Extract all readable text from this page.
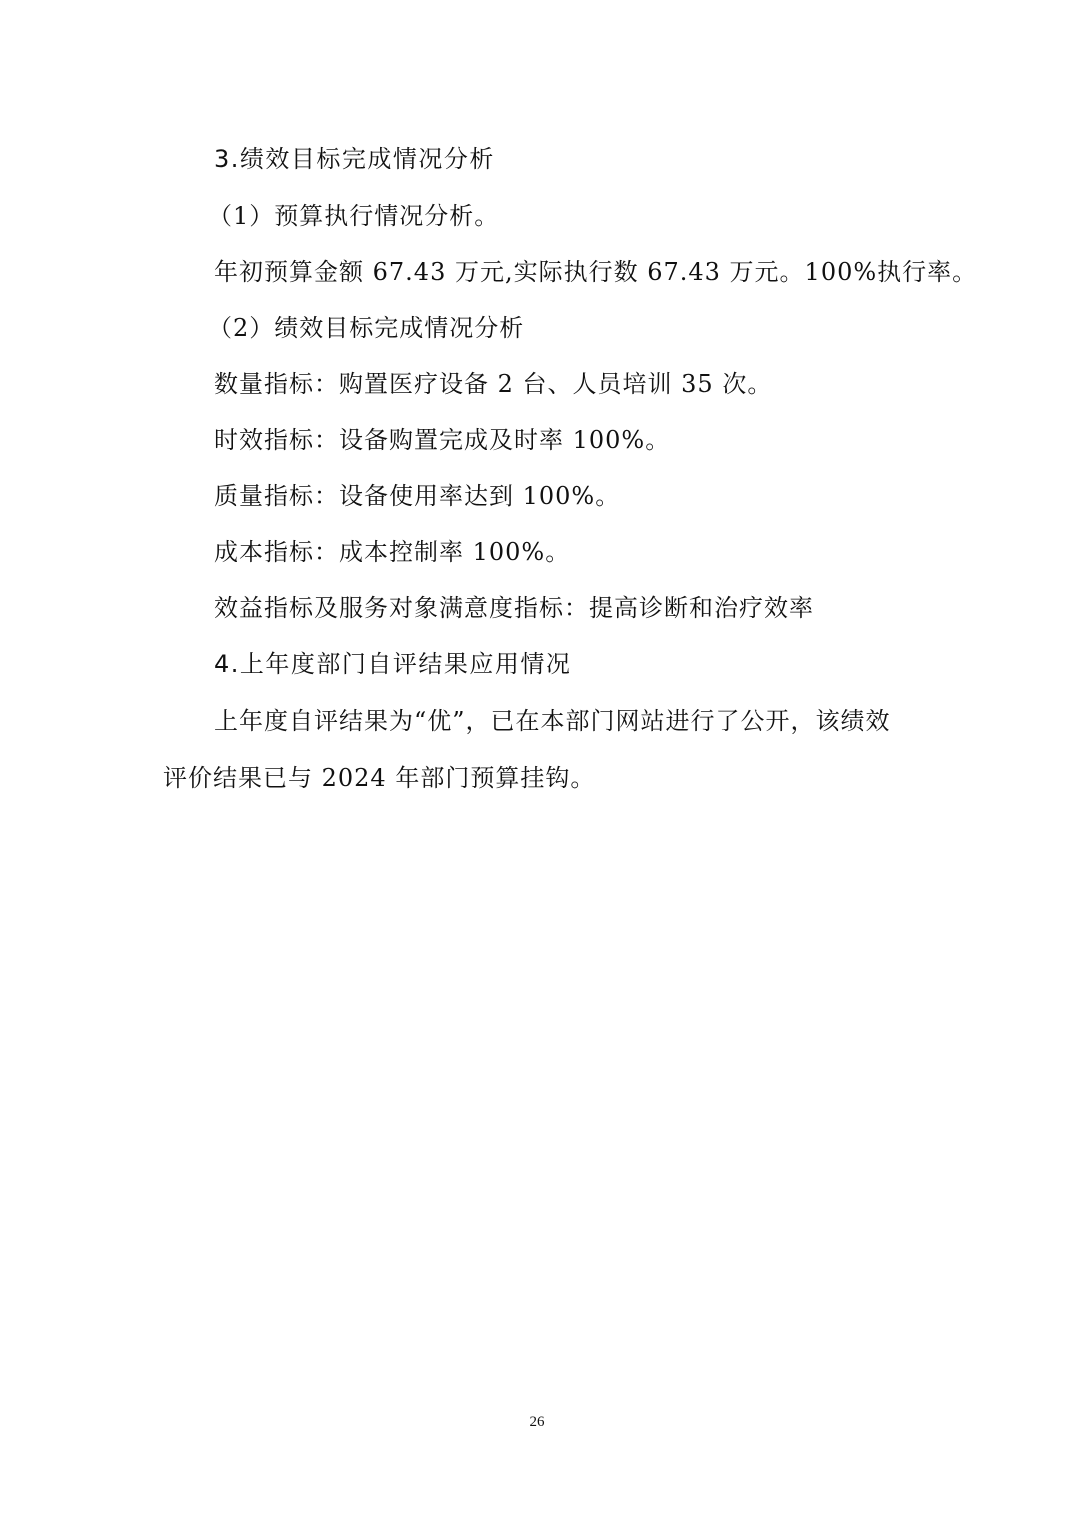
3.绩效目标完成情况分析
（1）预算执行情况分析。
年初预算金额 67.43 万元,实际执行数 67.43 万元。100%执行率。
（2）绩效目标完成情况分析
数量指标：购置医疗设备 2 台、人员培训 35 次。
时效指标：设备购置完成及时率 100%。
质量指标：设备使用率达到 100%。
成本指标：成本控制率 100%。
效益指标及服务对象满意度指标：提高诊断和治疗效率
4.上年度部门自评结果应用情况
上年度自评结果为“优”，已在本部门网站进行了公开，该绩效
评价结果已与 2024 年部门预算挂钩。
26
